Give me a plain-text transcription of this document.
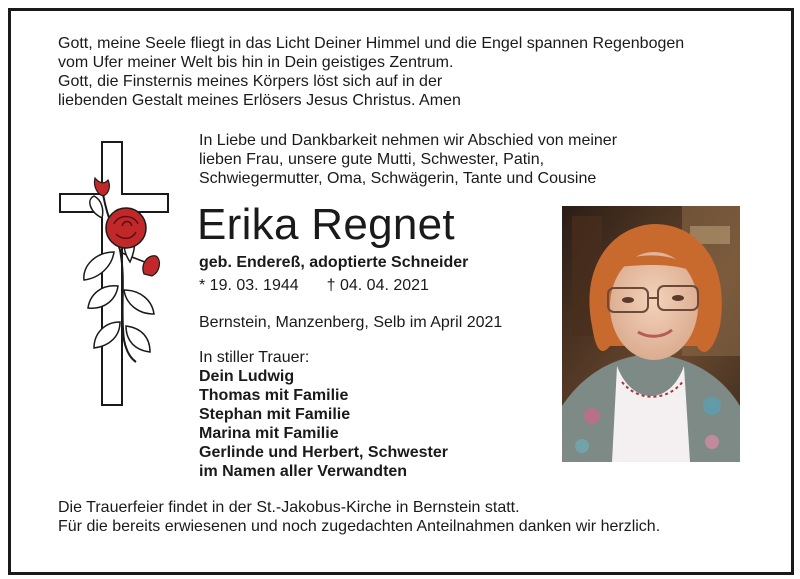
Gott, meine Seele fliegt in das Licht Deiner Himmel und die Engel spannen Regenbogen
vom Ufer meiner Welt bis hin in Dein geistiges Zentrum.
Gott, die Finsternis meines Körpers löst sich auf in der
liebenden Gestalt meines Erlösers Jesus Christus. Amen
In Liebe und Dankbarkeit nehmen wir Abschied von meiner
lieben Frau, unsere gute Mutti, Schwester, Patin,
Schwiegermutter, Oma, Schwägerin, Tante und Cousine
Erika Regnet
geb. Endereß, adoptierte Schneider
* 19. 03. 1944 † 04. 04. 2021
Bernstein, Manzenberg, Selb im April 2021
In stiller Trauer:
Dein Ludwig
Thomas mit Familie
Stephan mit Familie
Marina mit Familie
Gerlinde und Herbert, Schwester
im Namen aller Verwandten
Die Trauerfeier findet in der St.-Jakobus-Kirche in Bernstein statt.
Für die bereits erwiesenen und noch zugedachten Anteilnahmen danken wir herzlich.
